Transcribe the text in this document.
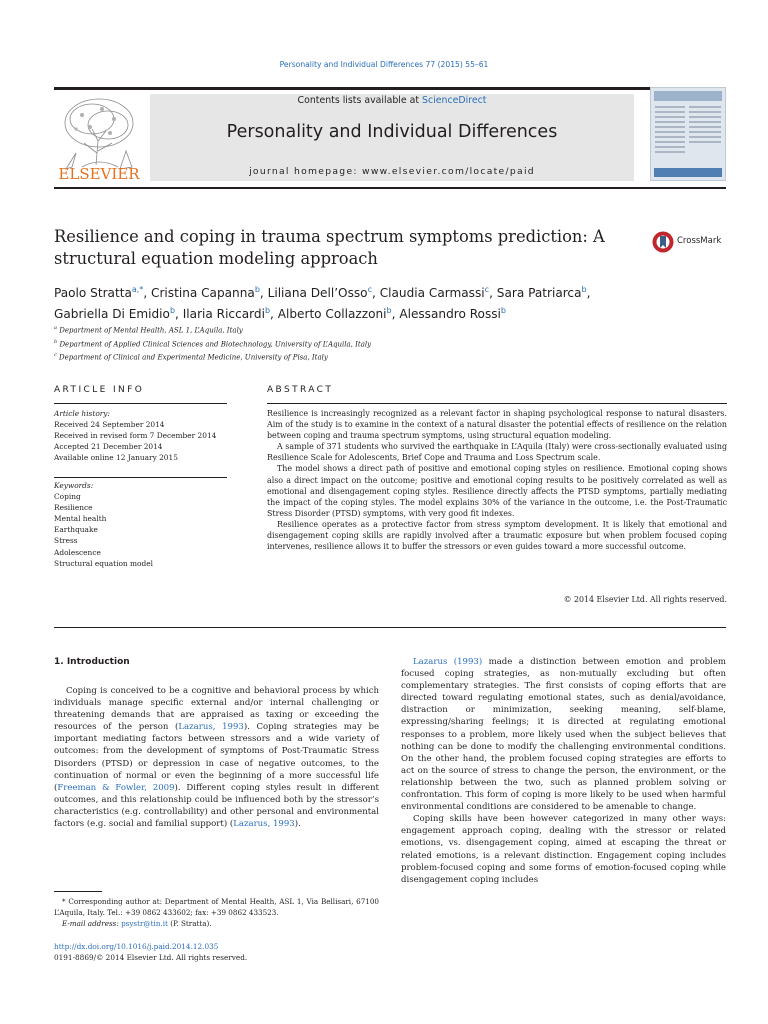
Personality and Individual Differences 77 (2015) 55–61
ELSEVIER
Contents lists available at ScienceDirect
Personality and Individual Differences
journal homepage: www.elsevier.com/locate/paid
Resilience and coping in trauma spectrum symptoms prediction: A structural equation modeling approach
CrossMark
Paolo Stratta$^{a,*}$, Cristina Capanna$^b$, Liliana Dell’Osso$^c$, Claudia Carmassi$^c$, Sara Patriarca$^b$,
Gabriella Di Emidio$^b$, Ilaria Riccardi$^b$, Alberto Collazzoni$^b$, Alessandro Rossi$^b$
$^a$ Department of Mental Health, ASL 1, L’Aquila, Italy
$^b$ Department of Applied Clinical Sciences and Biotechnology, University of L’Aquila, Italy
$^c$ Department of Clinical and Experimental Medicine, University of Pisa, Italy
ARTICLE INFO	ABSTRACT
Article history:
Received 24 September 2014
Received in revised form 7 December 2014
Accepted 21 December 2014
Available online 12 January 2015
Keywords:
Coping
Resilience
Mental health
Earthquake
Stress
Adolescence
Structural equation model

Resilience is increasingly recognized as a relevant factor in shaping psychological response to natural disasters. Aim of the study is to examine in the context of a natural disaster the potential effects of resilience on the relation between coping and trauma spectrum symptoms, using structural equation modeling.

A sample of 371 students who survived the earthquake in L’Aquila (Italy) were cross-sectionally evaluated using Resilience Scale for Adolescents, Brief Cope and Trauma and Loss Spectrum scale.

The model shows a direct path of positive and emotional coping styles on resilience. Emotional coping shows also a direct impact on the outcome; positive and emotional coping results to be positively correlated as well as emotional and disengagement coping styles. Resilience directly affects the PTSD symptoms, partially mediating the impact of the coping styles. The model explains 30% of the variance in the outcome, i.e. the Post-Traumatic Stress Disorder (PTSD) symptoms, with very good fit indexes.

Resilience operates as a protective factor from stress symptom development. It is likely that emotional and disengagement coping skills are rapidly involved after a traumatic exposure but when problem focused coping intervenes, resilience allows it to buffer the stressors or even guides toward a more successful outcome.

© 2014 Elsevier Ltd. All rights reserved.
1. Introduction

Coping is conceived to be a cognitive and behavioral process by which individuals manage specific external and/or internal challenging or threatening demands that are appraised as taxing or exceeding the resources of the person (Lazarus, 1993). Coping strategies may be important mediating factors between stressors and a wide variety of outcomes: from the development of symptoms of Post-Traumatic Stress Disorders (PTSD) or depression in case of negative outcomes, to the continuation of normal or even the beginning of a more successful life (Freeman & Fowler, 2009). Different coping styles result in different outcomes, and this relationship could be influenced both by the stressor’s characteristics (e.g. controllability) and other personal and environmental factors (e.g. social and familial support) (Lazarus, 1993).

Lazarus (1993) made a distinction between emotion and problem focused coping strategies, as non-mutually excluding but often complementary strategies. The first consists of coping efforts that are directed toward regulating emotional states, such as denial/avoidance, distraction or minimization, seeking meaning, self-blame, expressing/sharing feelings; it is directed at regulating emotional responses to a problem, more likely used when the subject believes that nothing can be done to modify the challenging environmental conditions. On the other hand, the problem focused coping strategies are efforts to act on the source of stress to change the person, the environment, or the relationship between the two, such as planned problem solving or confrontation. This form of coping is more likely to be used when harmful environmental conditions are considered to be amenable to change.

Coping skills have been however categorized in many other ways: engagement approach coping, dealing with the stressor or related emotions, vs. disengagement coping, aimed at escaping the threat or related emotions, is a relevant distinction. Engagement coping includes problem-focused coping and some forms of emotion-focused coping while disengagement coping includes

* Corresponding author at: Department of Mental Health, ASL 1, Via Bellisari, 67100 L’Aquila, Italy. Tel.: +39 0862 433602; fax: +39 0862 433523.
E-mail address: psystr@tin.it (P. Stratta).
http://dx.doi.org/10.1016/j.paid.2014.12.035
0191-8869/© 2014 Elsevier Ltd. All rights reserved.
